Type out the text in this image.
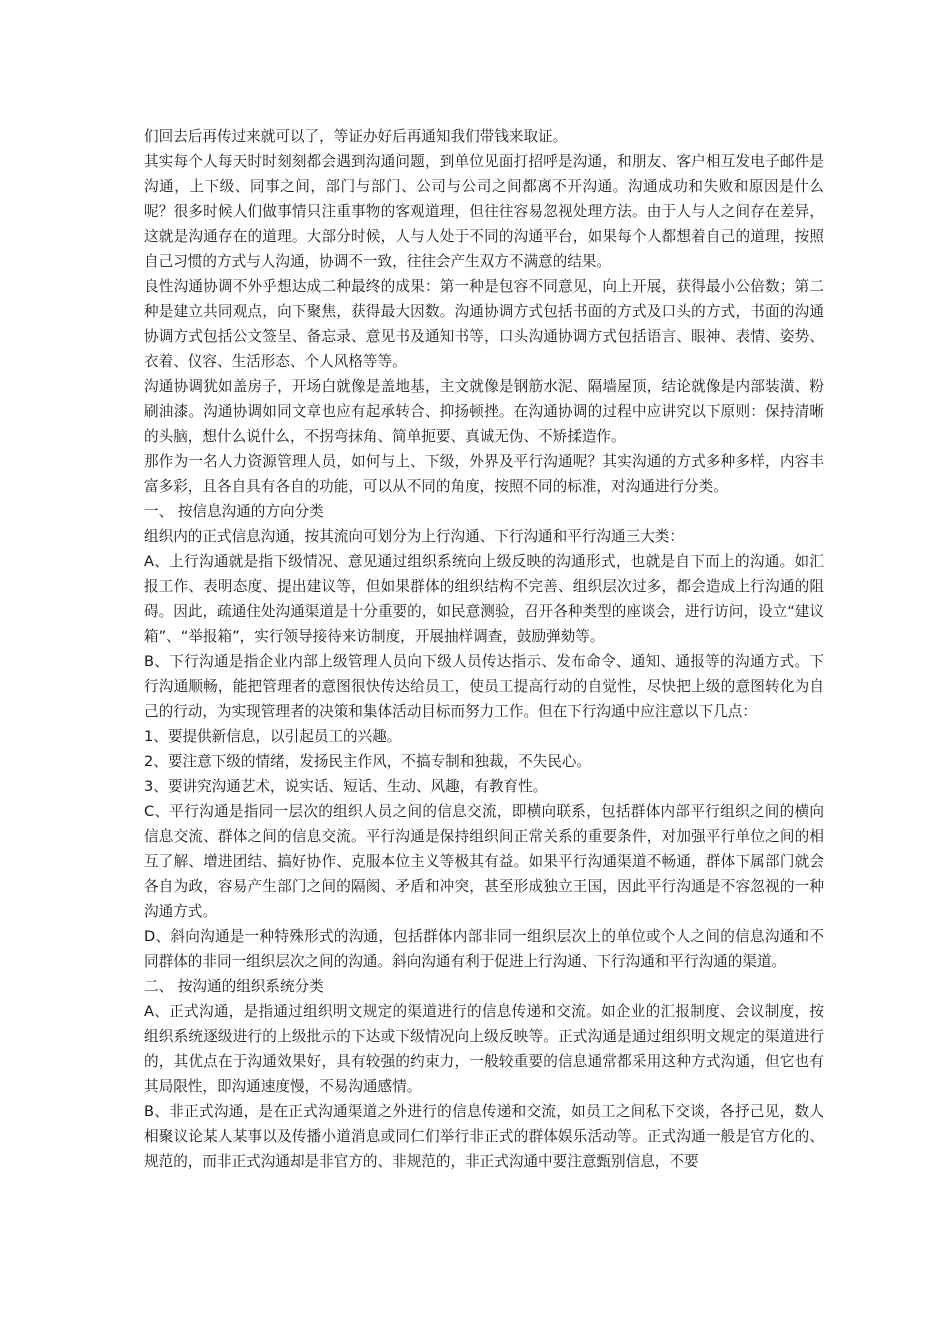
们回去后再传过来就可以了，等证办好后再通知我们带钱来取证。

其实每个人每天时时刻刻都会遇到沟通问题，到单位见面打招呼是沟通，和朋友、客户相互发电子邮件是沟通，上下级、同事之间，部门与部门、公司与公司之间都离不开沟通。沟通成功和失败和原因是什么呢？很多时候人们做事情只注重事物的客观道理，但往往容易忽视处理方法。由于人与人之间存在差异，这就是沟通存在的道理。大部分时候，人与人处于不同的沟通平台，如果每个人都想着自己的道理，按照自己习惯的方式与人沟通，协调不一致，往往会产生双方不满意的结果。

良性沟通协调不外乎想达成二种最终的成果：第一种是包容不同意见，向上开展，获得最小公倍数；第二种是建立共同观点，向下聚焦，获得最大因数。沟通协调方式包括书面的方式及口头的方式，书面的沟通协调方式包括公文签呈、备忘录、意见书及通知书等，口头沟通协调方式包括语言、眼神、表情、姿势、衣着、仪容、生活形态、个人风格等等。

沟通协调犹如盖房子，开场白就像是盖地基，主文就像是钢筋水泥、隔墙屋顶，结论就像是内部装潢、粉刷油漆。沟通协调如同文章也应有起承转合、抑扬顿挫。在沟通协调的过程中应讲究以下原则：保持清晰的头脑，想什么说什么，不拐弯抹角、简单扼要、真诚无伪、不矫揉造作。

那作为一名人力资源管理人员，如何与上、下级，外界及平行沟通呢？其实沟通的方式多种多样，内容丰富多彩，且各自具有各自的功能，可以从不同的角度，按照不同的标准，对沟通进行分类。

一、 按信息沟通的方向分类

组织内的正式信息沟通，按其流向可划分为上行沟通、下行沟通和平行沟通三大类：

A、上行沟通就是指下级情况、意见通过组织系统向上级反映的沟通形式，也就是自下而上的沟通。如汇报工作、表明态度、提出建议等，但如果群体的组织结构不完善、组织层次过多，都会造成上行沟通的阻碍。因此，疏通住处沟通渠道是十分重要的，如民意测验，召开各种类型的座谈会，进行访问，设立“建议箱”、“举报箱”，实行领导接待来访制度，开展抽样调查，鼓励弹劾等。

B、下行沟通是指企业内部上级管理人员向下级人员传达指示、发布命令、通知、通报等的沟通方式。下行沟通顺畅，能把管理者的意图很快传达给员工，使员工提高行动的自觉性，尽快把上级的意图转化为自己的行动，为实现管理者的决策和集体活动目标而努力工作。但在下行沟通中应注意以下几点：

1、要提供新信息，以引起员工的兴趣。

2、要注意下级的情绪，发扬民主作风，不搞专制和独裁，不失民心。

3、要讲究沟通艺术，说实话、短话、生动、风趣，有教育性。

C、平行沟通是指同一层次的组织人员之间的信息交流，即横向联系，包括群体内部平行组织之间的横向信息交流、群体之间的信息交流。平行沟通是保持组织间正常关系的重要条件，对加强平行单位之间的相互了解、增进团结、搞好协作、克服本位主义等极其有益。如果平行沟通渠道不畅通，群体下属部门就会各自为政，容易产生部门之间的隔阂、矛盾和冲突，甚至形成独立王国，因此平行沟通是不容忽视的一种沟通方式。

D、斜向沟通是一种特殊形式的沟通，包括群体内部非同一组织层次上的单位或个人之间的信息沟通和不同群体的非同一组织层次之间的沟通。斜向沟通有利于促进上行沟通、下行沟通和平行沟通的渠道。

二、 按沟通的组织系统分类

A、正式沟通，是指通过组织明文规定的渠道进行的信息传递和交流。如企业的汇报制度、会议制度，按组织系统逐级进行的上级批示的下达或下级情况向上级反映等。正式沟通是通过组织明文规定的渠道进行的，其优点在于沟通效果好，具有较强的约束力，一般较重要的信息通常都采用这种方式沟通，但它也有其局限性，即沟通速度慢，不易沟通感情。

B、非正式沟通，是在正式沟通渠道之外进行的信息传递和交流，如员工之间私下交谈，各抒己见，数人相聚议论某人某事以及传播小道消息或同仁们举行非正式的群体娱乐活动等。正式沟通一般是官方化的、规范的，而非正式沟通却是非官方的、非规范的，非正式沟通中要注意甄别信息，不要
